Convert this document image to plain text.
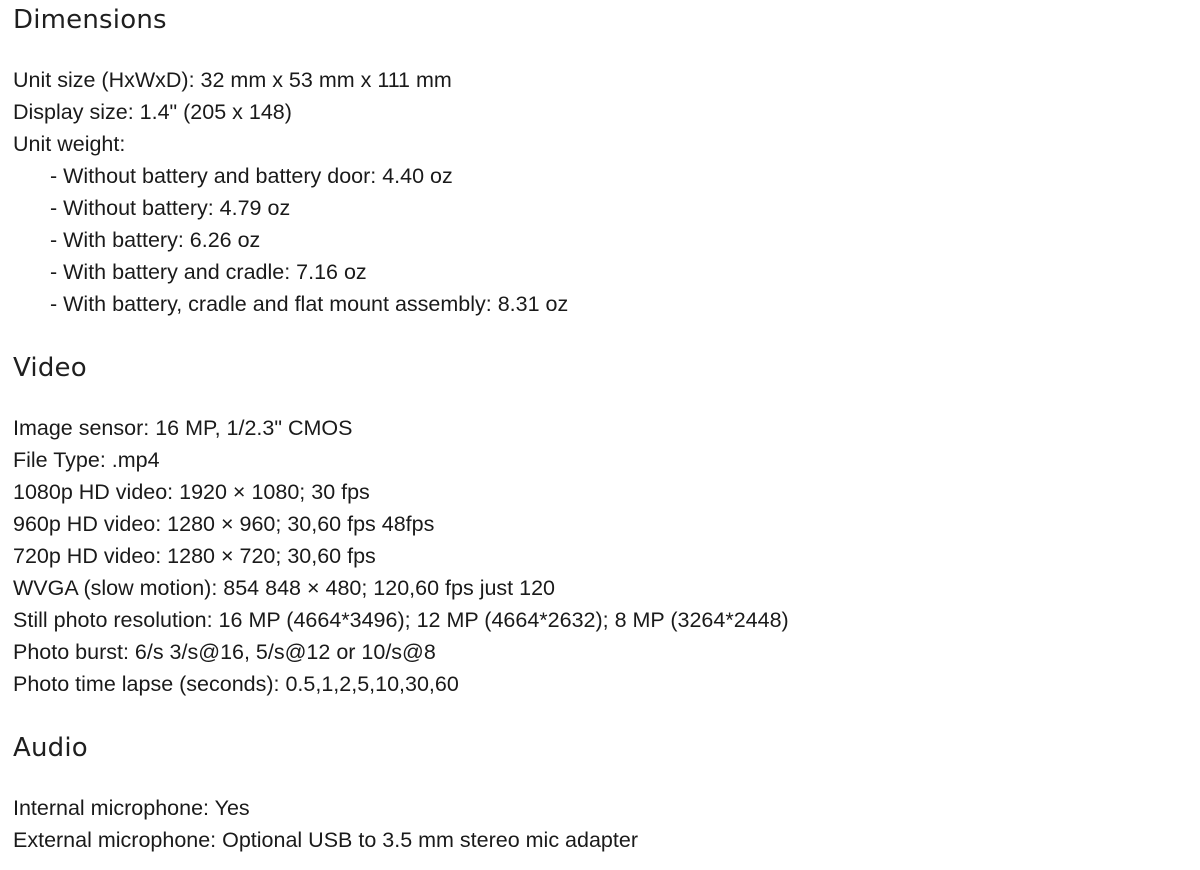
Dimensions
Unit size (HxWxD): 32 mm x 53 mm x 111 mm
Display size: 1.4" (205 x 148)
Unit weight:
- Without battery and battery door: 4.40 oz
- Without battery: 4.79 oz
- With battery: 6.26 oz
- With battery and cradle: 7.16 oz
- With battery, cradle and flat mount assembly: 8.31 oz
Video
Image sensor: 16 MP, 1/2.3" CMOS
File Type: .mp4
1080p HD video: 1920 × 1080; 30 fps
960p HD video: 1280 × 960; 30,60 fps 48fps
720p HD video: 1280 × 720; 30,60 fps
WVGA (slow motion): 854 848 × 480; 120,60 fps just 120
Still photo resolution: 16 MP (4664*3496); 12 MP (4664*2632); 8 MP (3264*2448)
Photo burst: 6/s 3/s@16, 5/s@12 or 10/s@8
Photo time lapse (seconds): 0.5,1,2,5,10,30,60
Audio
Internal microphone: Yes
External microphone: Optional USB to 3.5 mm stereo mic adapter
